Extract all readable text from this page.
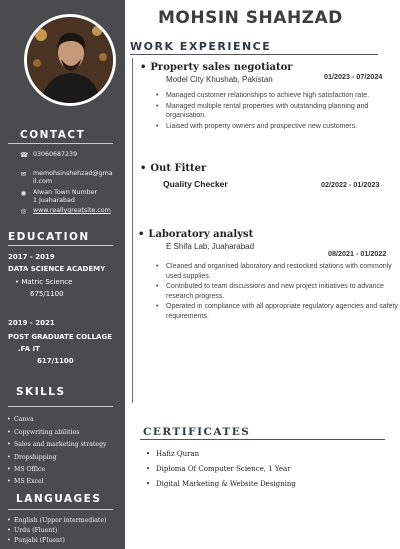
CONTACT
☎ 03060687239
✉ memohsinshehzad@gmail.com
◉ Alwan Town Number 1 Juaharabad
◎ www.reallygreatsite.com
EDUCATION
2017 - 2019
DATA SCIENCE ACADEMY
• Matric Science
675/1100
2019 - 2021
POST GRADUATE COLLAGE
.FA IT
617/1100
SKILLS
• Canva
• Copywriting abilities
• Sales and marketing strategy
• Dropshipping
• MS Office
• MS Excel
LANGUAGES
• English (Upper intermediate)
• Urdu (Fluent)
• Punjabi (Fluent)
MOHSIN SHAHZAD
WORK EXPERIENCE
• Property sales negotiator
Model City Khushab, Pakistan	01/2023 - 07/2024
• Managed customer relationships to achieve high satisfaction rate.
• Managed multiple rental properties with outstanding planning and organisation.
• Liaised with property owners and prospective new customers.
• Out Fitter
Quality Checker	02/2022 - 01/2023
• Laboratory analyst
E Shifa Lab, Juaharabad
08/2021 - 01/2022
• Cleaned and organised laboratory and restocked stations with commonly used supplies.
• Contributed to team discussions and new project initiatives to advance research progress.
• Operated in compliance with all appropriate regulatory agencies and safety requirements.
CERTIFICATES
• Hafiz Quran
• Diploma Of Computer Science, 1 Year
• Digital Marketing & Website Designing
